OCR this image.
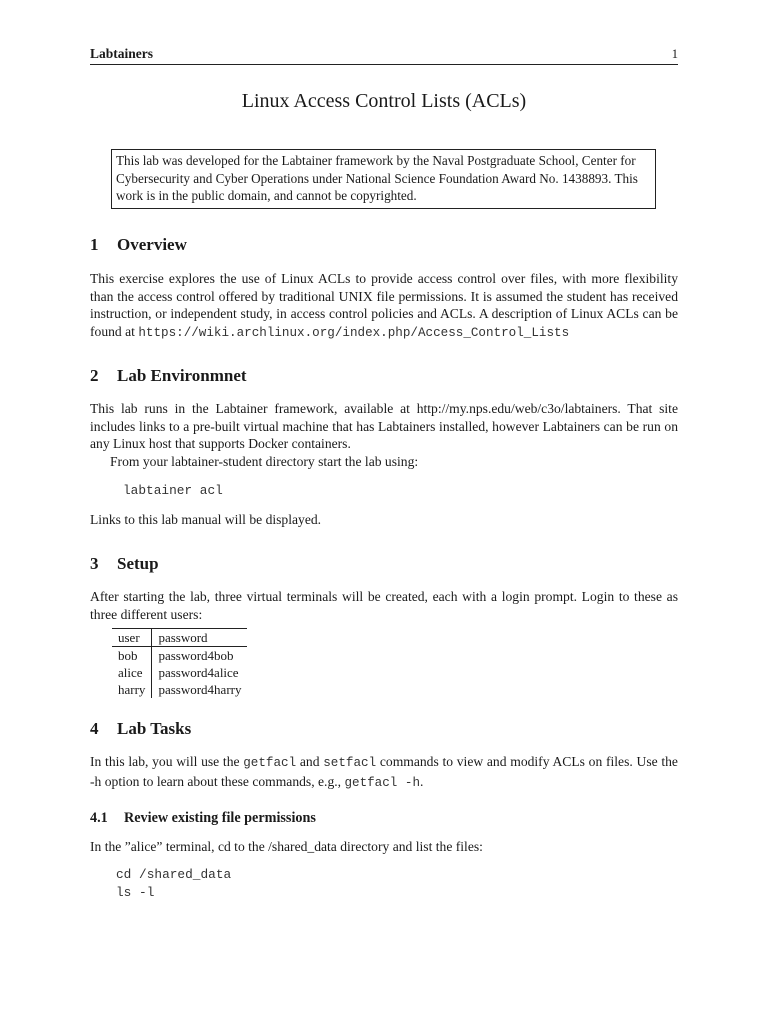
Labtainers	1
Linux Access Control Lists (ACLs)
This lab was developed for the Labtainer framework by the Naval Postgraduate School, Center for Cybersecurity and Cyber Operations under National Science Foundation Award No. 1438893. This work is in the public domain, and cannot be copyrighted.
1 Overview

This exercise explores the use of Linux ACLs to provide access control over files, with more flexibility than the access control offered by traditional UNIX file permissions. It is assumed the student has received instruction, or independent study, in access control policies and ACLs. A description of Linux ACLs can be found at https://wiki.archlinux.org/index.php/Access_Control_Lists

2 Lab Environmnet

This lab runs in the Labtainer framework, available at http://my.nps.edu/web/c3o/labtainers. That site includes links to a pre-built virtual machine that has Labtainers installed, however Labtainers can be run on any Linux host that supports Docker containers.

From your labtainer-student directory start the lab using:

labtainer acl

Links to this lab manual will be displayed.

3 Setup

After starting the lab, three virtual terminals will be created, each with a login prompt. Login to these as three different users:

user	password
bob	password4bob
alice	password4alice
harry	password4harry
4 Lab Tasks

In this lab, you will use the getfacl and setfacl commands to view and modify ACLs on files. Use the -h option to learn about these commands, e.g., getfacl -h.

4.1 Review existing file permissions

In the ”alice” terminal, cd to the /shared_data directory and list the files:

cd /shared_data
ls -l
